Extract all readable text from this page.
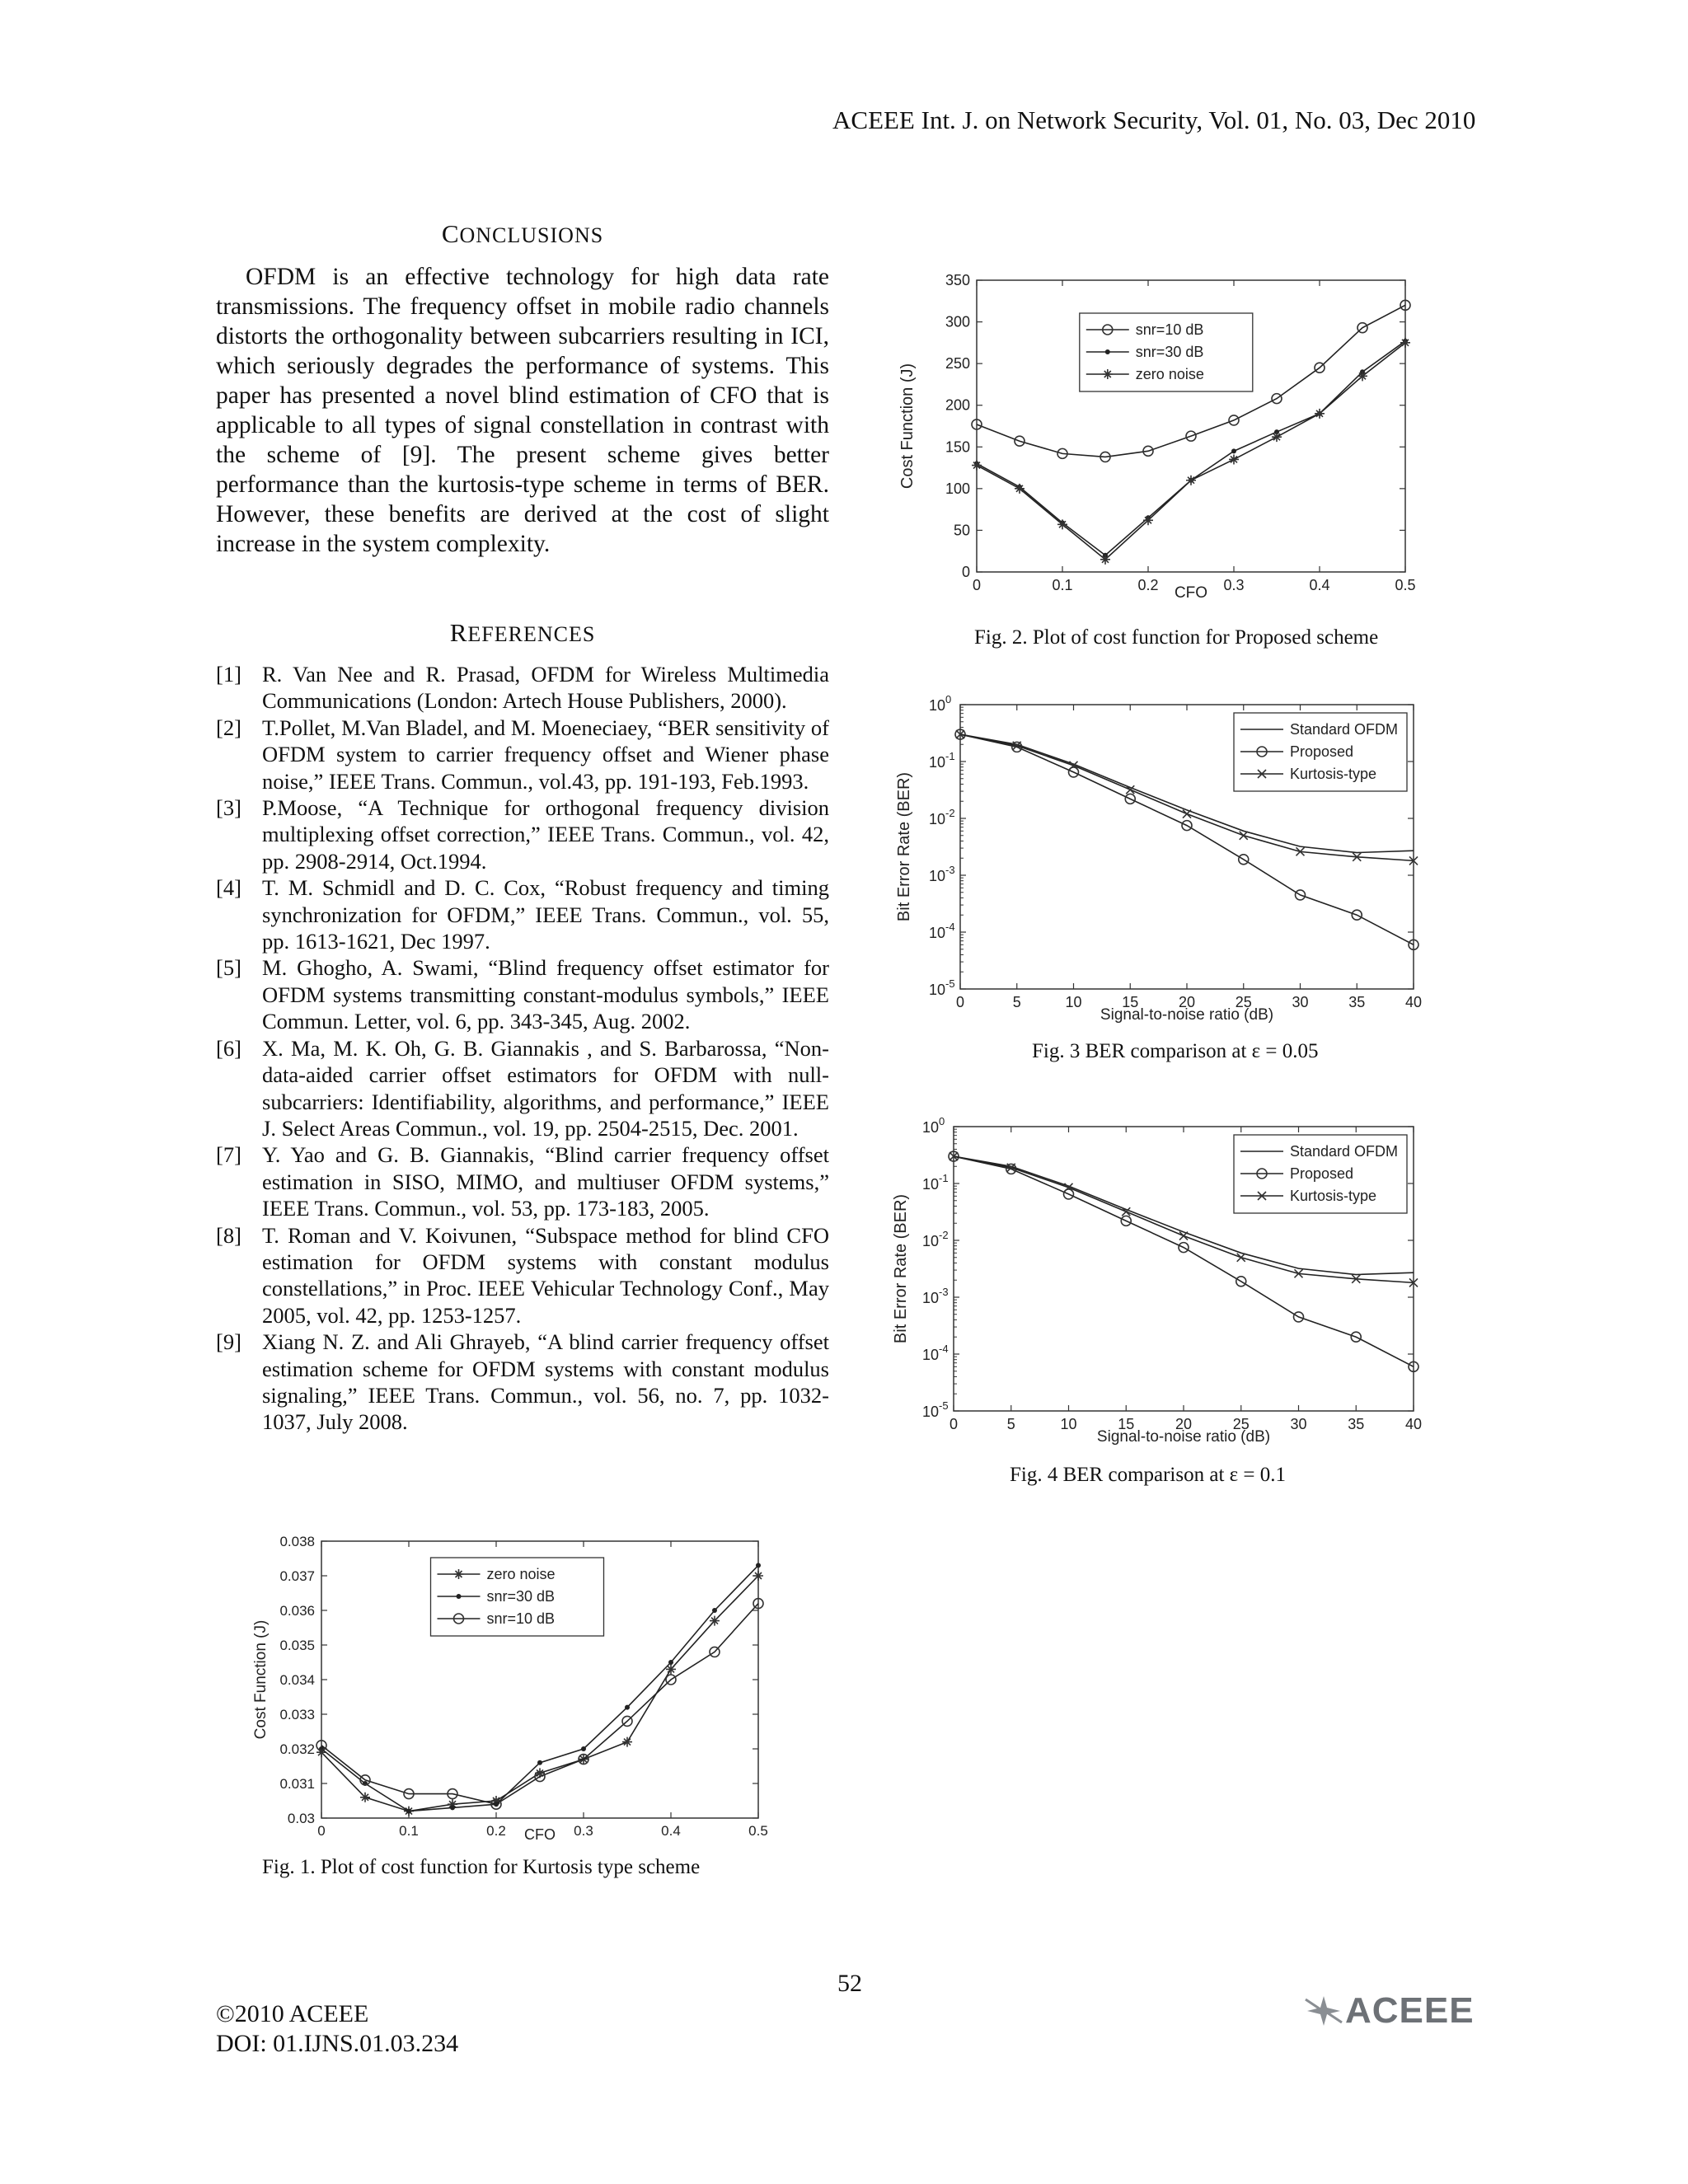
ACEEE Int. J. on Network Security, Vol. 01, No. 03, Dec 2010
CONCLUSIONS
OFDM is an effective technology for high data rate transmissions. The frequency offset in mobile radio channels distorts the orthogonality between subcarriers resulting in ICI, which seriously degrades the performance of systems. This paper has presented a novel blind estimation of CFO that is applicable to all types of signal constellation in contrast with the scheme of [9]. The present scheme gives better performance than the kurtosis-type scheme in terms of BER. However, these benefits are derived at the cost of slight increase in the system complexity.
REFERENCES
[1] R. Van Nee and R. Prasad, OFDM for Wireless Multimedia Communications (London: Artech House Publishers, 2000).
[2] T.Pollet, M.Van Bladel, and M. Moeneciaey, “BER sensitivity of OFDM system to carrier frequency offset and Wiener phase noise,” IEEE Trans. Commun., vol.43, pp. 191-193, Feb.1993.
[3] P.Moose, “A Technique for orthogonal frequency division multiplexing offset correction,” IEEE Trans. Commun., vol. 42, pp. 2908-2914, Oct.1994.
[4] T. M. Schmidl and D. C. Cox, “Robust frequency and timing synchronization for OFDM,” IEEE Trans. Commun., vol. 55, pp. 1613-1621, Dec 1997.
[5] M. Ghogho, A. Swami, “Blind frequency offset estimator for OFDM systems transmitting constant-modulus symbols,” IEEE Commun. Letter, vol. 6, pp. 343-345, Aug. 2002.
[6] X. Ma, M. K. Oh, G. B. Giannakis , and S. Barbarossa, “Non-data-aided carrier offset estimators for OFDM with null-subcarriers: Identifiability, algorithms, and performance,” IEEE J. Select Areas Commun., vol. 19, pp. 2504-2515, Dec. 2001.
[7] Y. Yao and G. B. Giannakis, “Blind carrier frequency offset estimation in SISO, MIMO, and multiuser OFDM systems,” IEEE Trans. Commun., vol. 53, pp. 173-183, 2005.
[8] T. Roman and V. Koivunen, “Subspace method for blind CFO estimation for OFDM systems with constant modulus constellations,” in Proc. IEEE Vehicular Technology Conf., May 2005, vol. 42, pp. 1253-1257.
[9] Xiang N. Z. and Ali Ghrayeb, “A blind carrier frequency offset estimation scheme for OFDM systems with constant modulus signaling,” IEEE Trans. Commun., vol. 56, no. 7, pp. 1032-1037, July 2008.
0	0.1	0.2	0.3	0.4	0.5
0
50
100
150
200
250
300
350
CFO
Cost Function (J)
snr=10 dB
snr=30 dB
zero noise
0	5	10	15	20	25	30	35	40
$10^0$
$10^{-1}$
$10^{-2}$
$10^{-3}$
$10^{-4}$
$10^{-5}$
Signal-to-noise ratio (dB)
Bit Error Rate (BER)
Standard OFDM
Proposed
Kurtosis-type
0	5	10	15	20	25	30	35	40
$10^0$
$10^{-1}$
$10^{-2}$
$10^{-3}$
$10^{-4}$
$10^{-5}$
Signal-to-noise ratio (dB)
Bit Error Rate (BER)
Standard OFDM
Proposed
Kurtosis-type
0	0.1	0.2	0.3	0.4	0.5
0.03
0.031
0.032
0.033
0.034
0.035
0.036
0.037
0.038
CFO
Cost Function (J)
zero noise
snr=30 dB
snr=10 dB
Fig. 2. Plot of cost function for Proposed scheme
Fig. 3 BER comparison at ε = 0.05
Fig. 4 BER comparison at ε = 0.1
Fig. 1. Plot of cost function for Kurtosis type scheme
52
©2010 ACEEE
DOI: 01.IJNS.01.03.234
ACEEE
